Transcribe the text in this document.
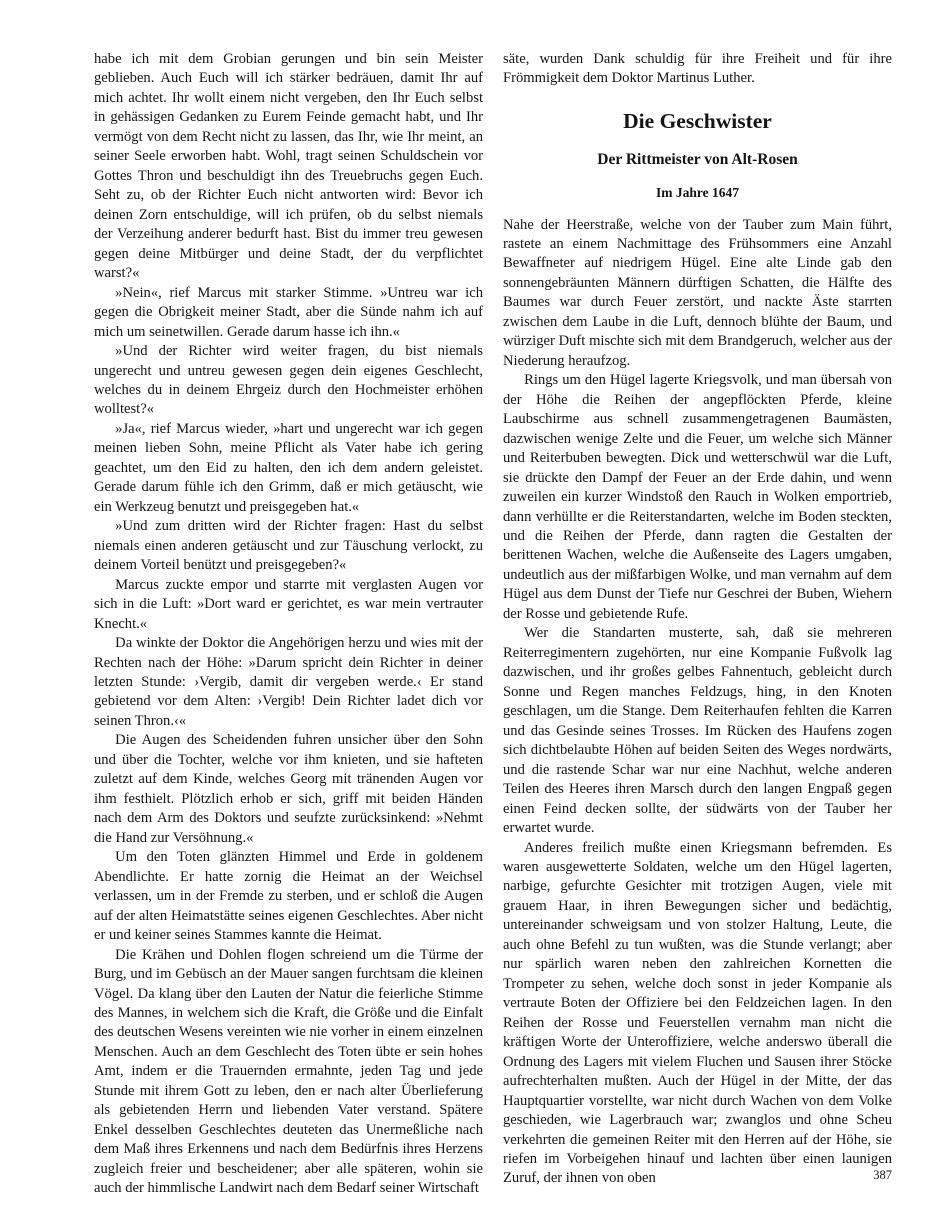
habe ich mit dem Grobian gerungen und bin sein Meister geblieben. Auch Euch will ich stärker bedräuen, damit Ihr auf mich achtet. Ihr wollt einem nicht vergeben, den Ihr Euch selbst in gehässigen Gedanken zu Eurem Feinde gemacht habt, und Ihr vermögt von dem Recht nicht zu lassen, das Ihr, wie Ihr meint, an seiner Seele erworben habt. Wohl, tragt seinen Schuldschein vor Gottes Thron und beschuldigt ihn des Treuebruchs gegen Euch. Seht zu, ob der Richter Euch nicht antworten wird: Bevor ich deinen Zorn entschuldige, will ich prüfen, ob du selbst niemals der Verzeihung anderer bedurft hast. Bist du immer treu gewesen gegen deine Mitbürger und deine Stadt, der du verpflichtet warst?«

»Nein«, rief Marcus mit starker Stimme. »Untreu war ich gegen die Obrigkeit meiner Stadt, aber die Sünde nahm ich auf mich um seinetwillen. Gerade darum hasse ich ihn.«

»Und der Richter wird weiter fragen, du bist niemals ungerecht und untreu gewesen gegen dein eigenes Geschlecht, welches du in deinem Ehrgeiz durch den Hochmeister erhöhen wolltest?«

»Ja«, rief Marcus wieder, »hart und ungerecht war ich gegen meinen lieben Sohn, meine Pflicht als Vater habe ich gering geachtet, um den Eid zu halten, den ich dem andern geleistet. Gerade darum fühle ich den Grimm, daß er mich getäuscht, wie ein Werkzeug benutzt und preisgegeben hat.«

»Und zum dritten wird der Richter fragen: Hast du selbst niemals einen anderen getäuscht und zur Täuschung verlockt, zu deinem Vorteil benützt und preisgegeben?«

Marcus zuckte empor und starrte mit verglasten Augen vor sich in die Luft: »Dort ward er gerichtet, es war mein vertrauter Knecht.«

Da winkte der Doktor die Angehörigen herzu und wies mit der Rechten nach der Höhe: »Darum spricht dein Richter in deiner letzten Stunde: ›Vergib, damit dir vergeben werde.‹ Er stand gebietend vor dem Alten: ›Vergib! Dein Richter ladet dich vor seinen Thron.‹«

Die Augen des Scheidenden fuhren unsicher über den Sohn und über die Tochter, welche vor ihm knieten, und sie hafteten zuletzt auf dem Kinde, welches Georg mit tränenden Augen vor ihm festhielt. Plötzlich erhob er sich, griff mit beiden Händen nach dem Arm des Doktors und seufzte zurücksinkend: »Nehmt die Hand zur Versöhnung.«

Um den Toten glänzten Himmel und Erde in goldenem Abendlichte. Er hatte zornig die Heimat an der Weichsel verlassen, um in der Fremde zu sterben, und er schloß die Augen auf der alten Heimatstätte seines eigenen Geschlechtes. Aber nicht er und keiner seines Stammes kannte die Heimat.

Die Krähen und Dohlen flogen schreiend um die Türme der Burg, und im Gebüsch an der Mauer sangen furchtsam die kleinen Vögel. Da klang über den Lauten der Natur die feierliche Stimme des Mannes, in welchem sich die Kraft, die Größe und die Einfalt des deutschen Wesens vereinten wie nie vorher in einem einzelnen Menschen. Auch an dem Geschlecht des Toten übte er sein hohes Amt, indem er die Trauernden ermahnte, jeden Tag und jede Stunde mit ihrem Gott zu leben, den er nach alter Überlieferung als gebietenden Herrn und liebenden Vater verstand. Spätere Enkel desselben Geschlechtes deuteten das Unermeßliche nach dem Maß ihres Erkennens und nach dem Bedürfnis ihres Herzens zugleich freier und bescheidener; aber alle späteren, wohin sie auch der himmlische Landwirt nach dem Bedarf seiner Wirtschaft

säte, wurden Dank schuldig für ihre Freiheit und für ihre Frömmigkeit dem Doktor Martinus Luther.

Die Geschwister
Der Rittmeister von Alt-Rosen
Im Jahre 1647

Nahe der Heerstraße, welche von der Tauber zum Main führt, rastete an einem Nachmittage des Frühsommers eine Anzahl Bewaffneter auf niedrigem Hügel. Eine alte Linde gab den sonnengebräunten Männern dürftigen Schatten, die Hälfte des Baumes war durch Feuer zerstört, und nackte Äste starrten zwischen dem Laube in die Luft, dennoch blühte der Baum, und würziger Duft mischte sich mit dem Brandgeruch, welcher aus der Niederung heraufzog.

Rings um den Hügel lagerte Kriegsvolk, und man übersah von der Höhe die Reihen der angepflöckten Pferde, kleine Laubschirme aus schnell zusammengetragenen Baumästen, dazwischen wenige Zelte und die Feuer, um welche sich Männer und Reiterbuben bewegten. Dick und wetterschwül war die Luft, sie drückte den Dampf der Feuer an der Erde dahin, und wenn zuweilen ein kurzer Windstoß den Rauch in Wolken emportrieb, dann verhüllte er die Reiterstandarten, welche im Boden steckten, und die Reihen der Pferde, dann ragten die Gestalten der berittenen Wachen, welche die Außenseite des Lagers umgaben, undeutlich aus der mißfarbigen Wolke, und man vernahm auf dem Hügel aus dem Dunst der Tiefe nur Geschrei der Buben, Wiehern der Rosse und gebietende Rufe.

Wer die Standarten musterte, sah, daß sie mehreren Reiterregimentern zugehörten, nur eine Kompanie Fußvolk lag dazwischen, und ihr großes gelbes Fahnentuch, gebleicht durch Sonne und Regen manches Feldzugs, hing, in den Knoten geschlagen, um die Stange. Dem Reiterhaufen fehlten die Karren und das Gesinde seines Trosses. Im Rücken des Haufens zogen sich dichtbelaubte Höhen auf beiden Seiten des Weges nordwärts, und die rastende Schar war nur eine Nachhut, welche anderen Teilen des Heeres ihren Marsch durch den langen Engpaß gegen einen Feind decken sollte, der südwärts von der Tauber her erwartet wurde.

Anderes freilich mußte einen Kriegsmann befremden. Es waren ausgewetterte Soldaten, welche um den Hügel lagerten, narbige, gefurchte Gesichter mit trotzigen Augen, viele mit grauem Haar, in ihren Bewegungen sicher und bedächtig, untereinander schweigsam und von stolzer Haltung, Leute, die auch ohne Befehl zu tun wußten, was die Stunde verlangt; aber nur spärlich waren neben den zahlreichen Kornetten die Trompeter zu sehen, welche doch sonst in jeder Kompanie als vertraute Boten der Offiziere bei den Feldzeichen lagen. In den Reihen der Rosse und Feuerstellen vernahm man nicht die kräftigen Worte der Unteroffiziere, welche anderswo überall die Ordnung des Lagers mit vielem Fluchen und Sausen ihrer Stöcke aufrechterhalten mußten. Auch der Hügel in der Mitte, der das Hauptquartier vorstellte, war nicht durch Wachen von dem Volke geschieden, wie Lagerbrauch war; zwanglos und ohne Scheu verkehrten die gemeinen Reiter mit den Herren auf der Höhe, sie riefen im Vorbeigehen hinauf und lachten über einen launigen Zuruf, der ihnen von oben	387
